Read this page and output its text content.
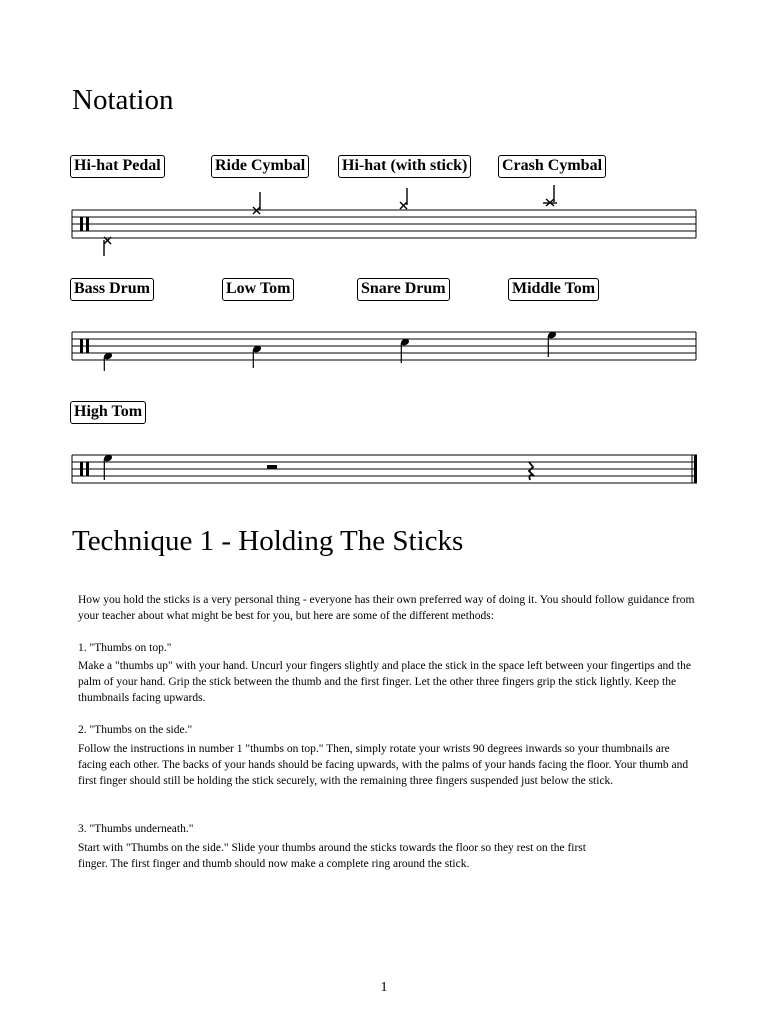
Notation
Hi-hat Pedal	Ride Cymbal Hi-hat (with stick) Crash Cymbal
Bass Drum	Low Tom	Snare Drum	Middle Tom
High Tom
Technique 1 - Holding The Sticks

How you hold the sticks is a very personal thing - everyone has their own preferred way of doing it. You should follow guidance from your teacher about what might be best for you, but here are some of the different methods:

1. "Thumbs on top."

Make a "thumbs up" with your hand. Uncurl your fingers slightly and place the stick in the space left between your fingertips and the palm of your hand. Grip the stick between the thumb and the first finger. Let the other three fingers grip the stick lightly. Keep the thumbnails facing upwards.

2. "Thumbs on the side."

Follow the instructions in number 1 "thumbs on top." Then, simply rotate your wrists 90 degrees inwards so your thumbnails are facing each other. The backs of your hands should be facing upwards, with the palms of your hands facing the floor. Your thumb and first finger should still be holding the stick securely, with the remaining three fingers suspended just below the stick.

3. "Thumbs underneath."

Start with "Thumbs on the side." Slide your thumbs around the sticks towards the floor so they rest on the first finger. The first finger and thumb should now make a complete ring around the stick.

1
